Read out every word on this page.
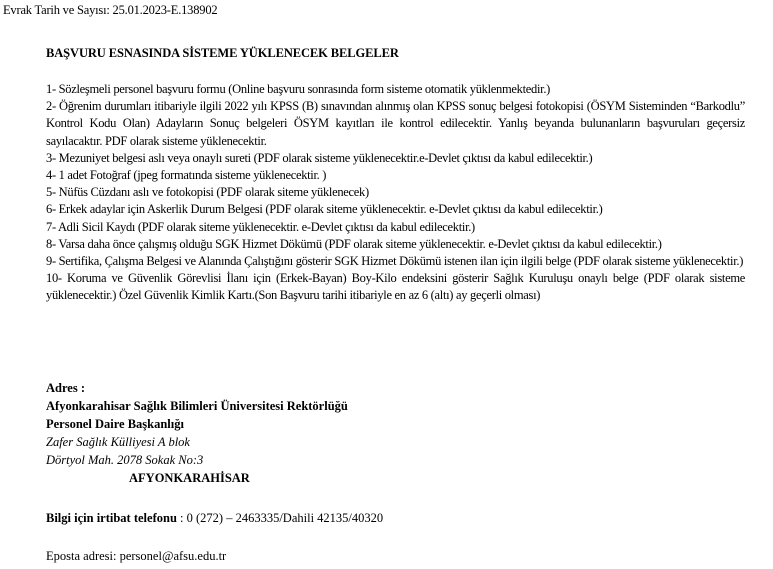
Evrak Tarih ve Sayısı: 25.01.2023-E.138902
BAŞVURU ESNASINDA SİSTEME YÜKLENECEK BELGELER

1- Sözleşmeli personel başvuru formu (Online başvuru sonrasında form sisteme otomatik yüklenmektedir.)

2- Öğrenim durumları itibariyle ilgili 2022 yılı KPSS (B) sınavından alınmış olan KPSS sonuç belgesi fotokopisi (ÖSYM Sisteminden “Barkodlu” Kontrol Kodu Olan) Adayların Sonuç belgeleri ÖSYM kayıtları ile kontrol edilecektir. Yanlış beyanda bulunanların başvuruları geçersiz sayılacaktır. PDF olarak sisteme yüklenecektir.

3- Mezuniyet belgesi aslı veya onaylı sureti (PDF olarak sisteme yüklenecektir.e-Devlet çıktısı da kabul edilecektir.)

4- 1 adet Fotoğraf (jpeg formatında sisteme yüklenecektir. )

5- Nüfüs Cüzdanı aslı ve fotokopisi (PDF olarak siteme yüklenecek)

6- Erkek adaylar için Askerlik Durum Belgesi (PDF olarak siteme yüklenecektir. e-Devlet çıktısı da kabul edilecektir.)

7- Adli Sicil Kaydı (PDF olarak siteme yüklenecektir. e-Devlet çıktısı da kabul edilecektir.)

8- Varsa daha önce çalışmış olduğu SGK Hizmet Dökümü (PDF olarak siteme yüklenecektir. e-Devlet çıktısı da kabul edilecektir.)

9- Sertifika, Çalışma Belgesi ve Alanında Çalıştığını gösterir SGK Hizmet Dökümü istenen ilan için ilgili belge (PDF olarak sisteme yüklenecektir.)

10- Koruma ve Güvenlik Görevlisi İlanı için (Erkek-Bayan) Boy-Kilo endeksini gösterir Sağlık Kuruluşu onaylı belge (PDF olarak sisteme yüklenecektir.) Özel Güvenlik Kimlik Kartı.(Son Başvuru tarihi itibariyle en az 6 (altı) ay geçerli olması)

Adres :
Afyonkarahisar Sağlık Bilimleri Üniversitesi Rektörlüğü
Personel Daire Başkanlığı
Zafer Sağlık Külliyesi A blok
Dörtyol Mah. 2078 Sokak No:3
AFYONKARAHİSAR
Bilgi için irtibat telefonu : 0 (272) – 2463335/Dahili 42135/40320
Eposta adresi: personel@afsu.edu.tr
